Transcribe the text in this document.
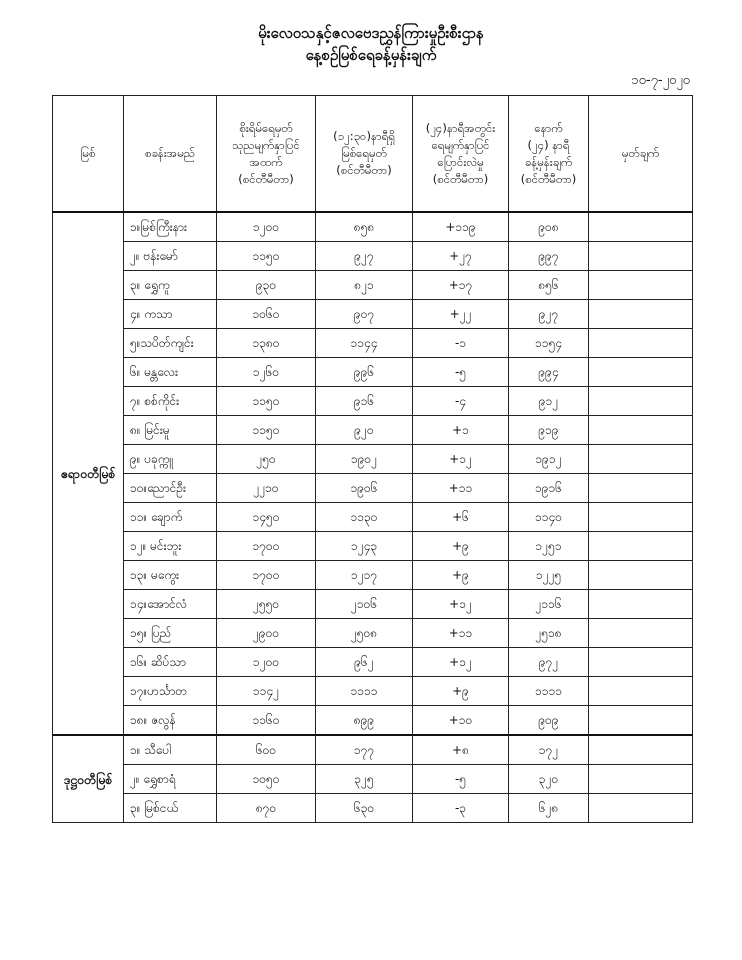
မိုးလေဝသနှင့်ဇလဗေဒညွှန်ကြားမှုဦးစီးဌာန
နေ့စဉ်မြစ်ရေခန့်မှန်းချက်
၁၀-၇-၂၀၂၀
မြစ်	စခန်းအမည်	စိုးရိမ်ရေမှတ်
သုညမျက်နှာပြင်
အထက်
(စင်တီမီတာ)	(၁၂:၃၀)နာရီရှိ
မြစ်ရေမှတ်
(စင်တီမီတာ)	(၂၄)နာရီအတွင်း
ရေမျက်နှာပြင်
ပြောင်းလဲမှု
(စင်တီမီတာ)	နောက်
(၂၄) နာရီ
ခန့်မှန်းချက်
(စင်တီမီတာ)	မှတ်ချက်
ဧရာဝတီမြစ်	၁။မြစ်ကြီးနား	၁၂၀၀	၈၅၈	+၁၁၉	၉၀၈	
	၂။ ဗန်းမော်	၁၁၅၀	၉၂၇	+၂၇	၉၉၇	
	၃။ ရွှေကူ	၉၃၀	၈၂၁	+၁၇	၈၅၆	
	၄။ ကသာ	၁၀၆၀	၉၀၇	+၂၂	၉၂၇	
	၅။သပိတ်ကျင်း	၁၃၈၀	၁၁၄၄	-၁	၁၁၅၄	
	၆။ မန္တလေး	၁၂၆၀	၉၉၆	-၅	၉၉၄	
	၇။ စစ်ကိုင်း	၁၁၅၀	၉၁၆	-၄	၉၁၂	
	၈။ မြင်းမူ	၁၁၅၀	၉၂၀	+၁	၉၁၉	
	၉။ ပခုက္ကူ	၂၅၀	၁၉၀၂	+၁၂	၁၉၁၂	
	၁၀။ညောင်ဦး	၂၂၁၀	၁၉၀၆	+၁၁	၁၉၁၆	
	၁၁။ ချောက်	၁၄၅၀	၁၁၃၀	+၆	၁၁၄၀	
	၁၂။ မင်းဘူး	၁၇၀၀	၁၂၄၃	+၉	၁၂၅၁	
	၁၃။ မကွေး	၁၇၀၀	၁၂၁၇	+၉	၁၂၂၅	
	၁၄။အောင်လံ	၂၅၅၀	၂၁၀၆	+၁၂	၂၁၁၆	
	၁၅။ ပြည်	၂၉၀၀	၂၅၀၈	+၁၁	၂၅၁၈	
	၁၆။ ဆိပ်သာ	၁၂၀၀	၉၆၂	+၁၂	၉၇၂	
	၁၇။ဟင်္သာတ	၁၁၄၂	၁၁၁၁	+၉	၁၁၁၁	
	၁၈။ ဇလွန်	၁၁၆၀	၈၉၉	+၁၀	၉၀၉	
ဒုဋ္ဌဝတီမြစ်	၁။ သီပေါ	၆၀၀	၁၇၇	+၈	၁၇၂	
	၂။ ရွှေစာရံ	၁၀၅၀	၃၂၅	-၅	၃၂၀	
	၃။ မြစ်ငယ်	၈၇၀	၆၃၀	-၃	၆၂၈	
